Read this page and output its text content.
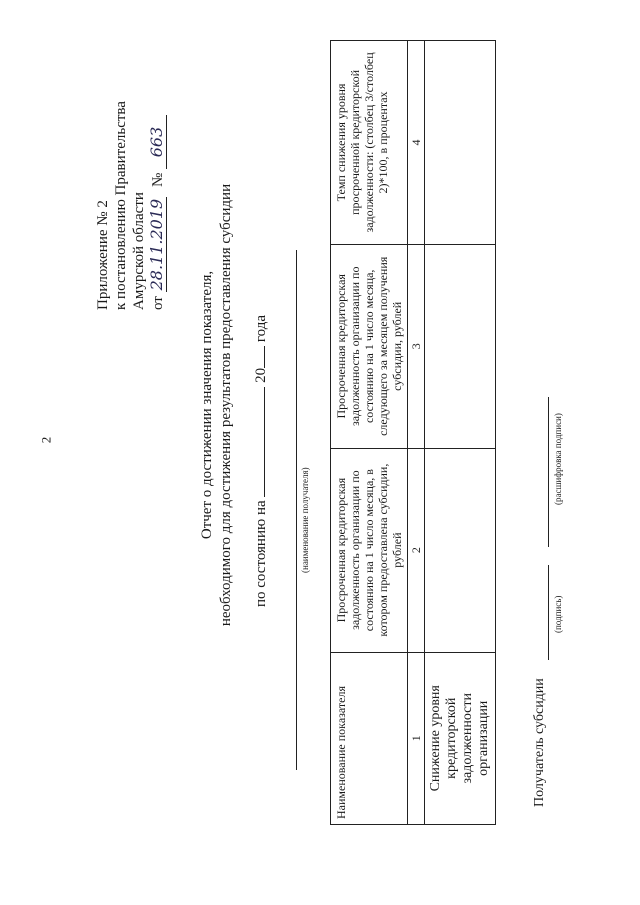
2
Приложение № 2 к постановлению Правительства Амурской области от 28.11.2019 № 663
Отчет о достижении значения показателя, необходимого для достижения результатов предоставления субсидии по состоянию на  20 года
(наименование получателя)
Наименование показателя	Просроченная кредиторская задолженность организации по состоянию на 1 число месяца, в котором предоставлена субсидии, рублей	Просроченная кредиторская задолженность организации по состоянию на 1 число месяца, следующего за месяцем получения субсидии, рублей	Темп снижения уровня просроченной кредиторской задолженности: (столбец 3/столбец 2)*100, в процентах
1	2	3	4
Снижение уровня кредиторской задолженности организации				Получатель субсидии
(подпись)
(расшифровка подписи)
